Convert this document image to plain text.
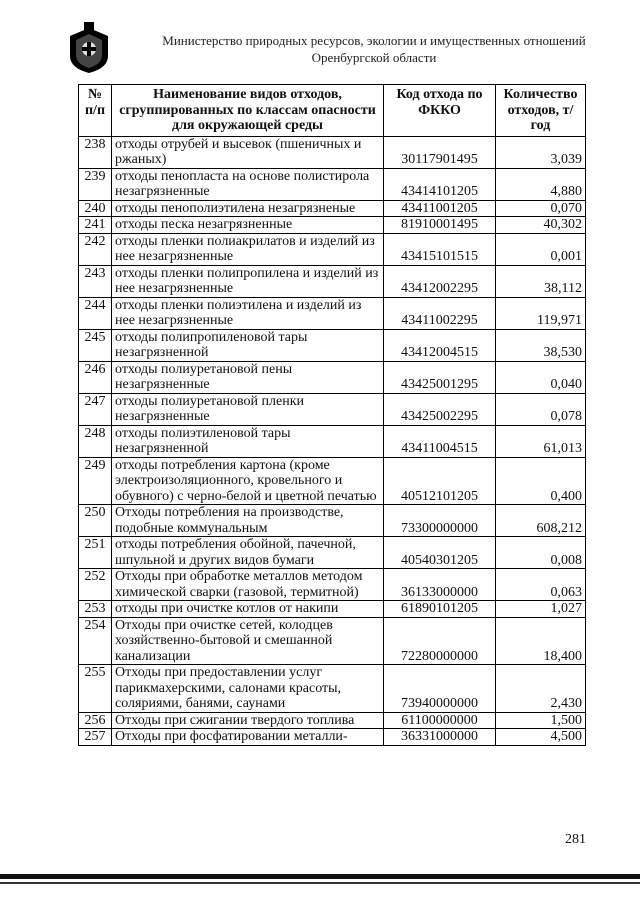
Министерство природных ресурсов, экологии и имущественных отношений
Оренбургской области
№ п/п	Наименование видов отходов, сгруппированных по классам опасности для окружающей среды	Код отхода по ФККО	Количество отходов, т/год
238	отходы отрубей и высевок (пшеничных и ржаных)	30117901495	3,039
239	отходы пенопласта на основе полистирола незагрязненные	43414101205	4,880
240	отходы пенополиэтилена незагрязненые	43411001205	0,070
241	отходы песка незагрязненные	81910001495	40,302
242	отходы пленки полиакрилатов и изделий из нее незагрязненные	43415101515	0,001
243	отходы пленки полипропилена и изделий из нее незагрязненные	43412002295	38,112
244	отходы пленки полиэтилена и изделий из нее незагрязненные	43411002295	119,971
245	отходы полипропиленовой тары незагрязненной	43412004515	38,530
246	отходы полиуретановой пены незагрязненные	43425001295	0,040
247	отходы полиуретановой пленки незагрязненные	43425002295	0,078
248	отходы полиэтиленовой тары незагрязненной	43411004515	61,013
249	отходы потребления картона (кроме электроизоляционного, кровельного и обувного) с черно-белой и цветной печатью	40512101205	0,400
250	Отходы потребления на производстве, подобные коммунальным	73300000000	608,212
251	отходы потребления обойной, пачечной, шпульной и других видов бумаги	40540301205	0,008
252	Отходы при обработке металлов методом химической сварки (газовой, термитной)	36133000000	0,063
253	отходы при очистке котлов от накипи	61890101205	1,027
254	Отходы при очистке сетей, колодцев хозяйственно-бытовой и смешанной канализации	72280000000	18,400
255	Отходы при предоставлении услуг парикмахерскими, салонами красоты, соляриями, банями, саунами	73940000000	2,430
256	Отходы при сжигании твердого топлива	61100000000	1,500
257	Отходы при фосфатировании металли-	36331000000	4,500
281
